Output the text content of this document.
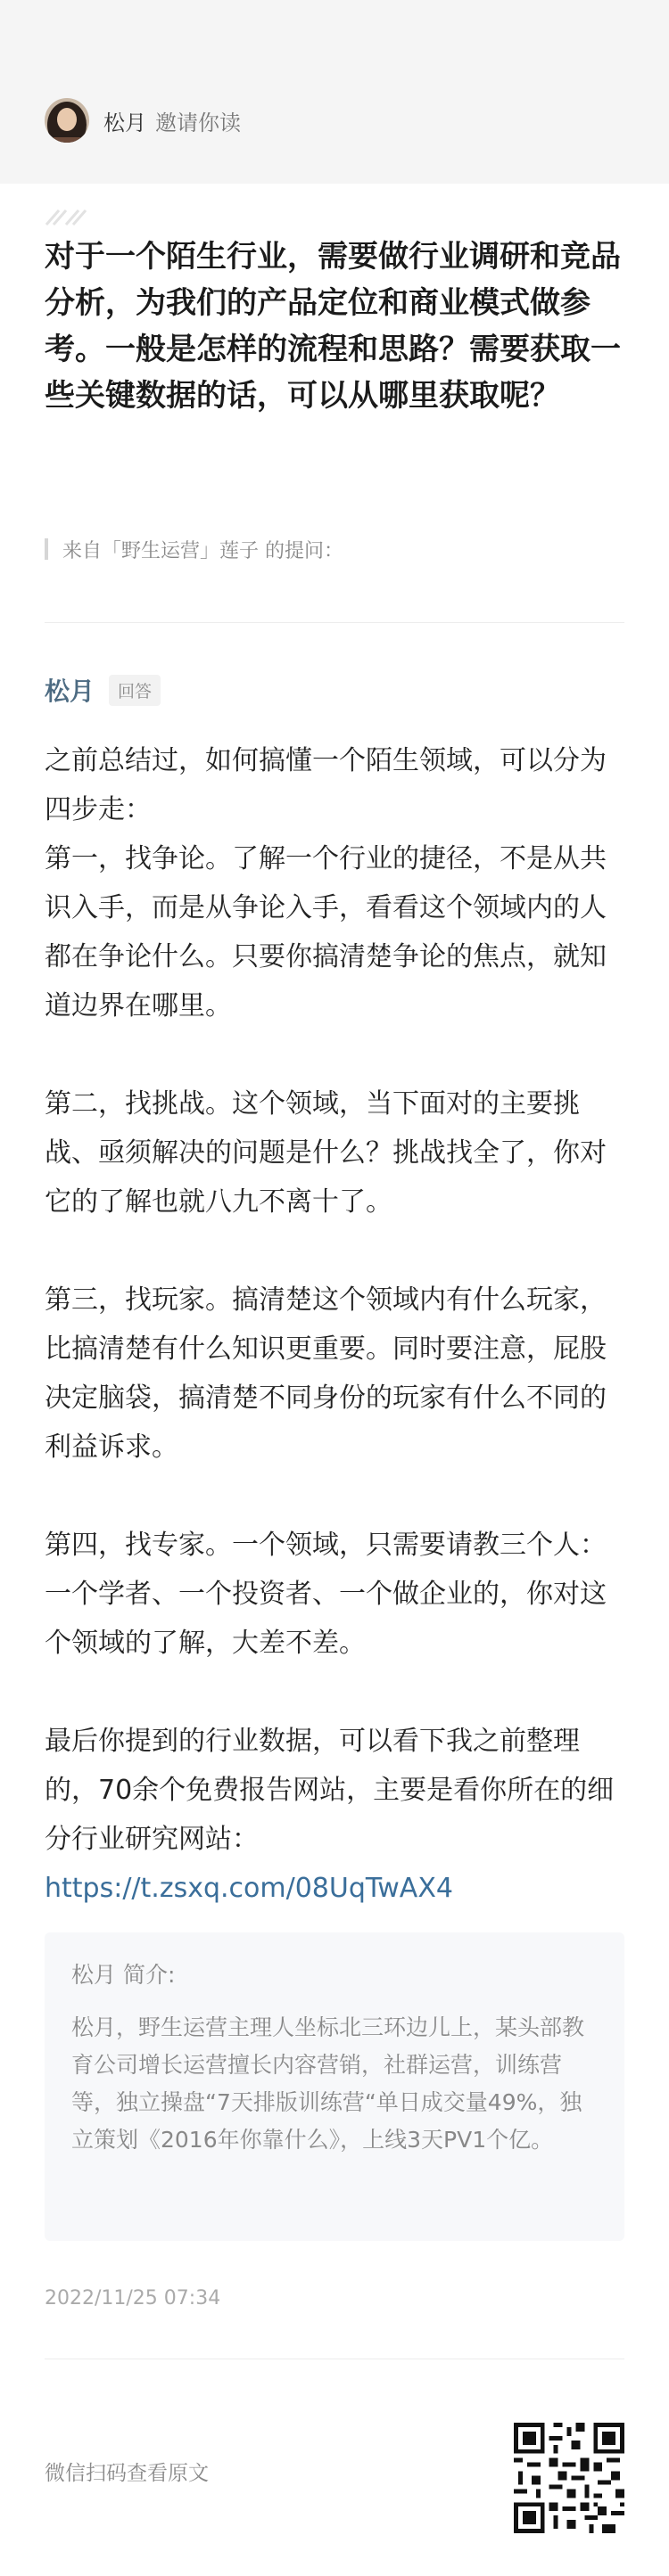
松月 邀请你读
对于一个陌生行业，需要做行业调研和竞品分析，为我们的产品定位和商业模式做参考。一般是怎样的流程和思路？需要获取一些关键数据的话，可以从哪里获取呢？
来自「野生运营」莲子 的提问：
松月	回答

之前总结过，如何搞懂一个陌生领域，可以分为四步走：
第一，找争论。了解一个行业的捷径，不是从共识入手，而是从争论入手，看看这个领域内的人都在争论什么。只要你搞清楚争论的焦点，就知道边界在哪里。

第二，找挑战。这个领域，当下面对的主要挑战、亟须解决的问题是什么？挑战找全了，你对它的了解也就八九不离十了。

第三，找玩家。搞清楚这个领域内有什么玩家，比搞清楚有什么知识更重要。同时要注意，屁股决定脑袋，搞清楚不同身份的玩家有什么不同的利益诉求。

第四，找专家。一个领域，只需要请教三个人：一个学者、一个投资者、一个做企业的，你对这个领域的了解，大差不差。

最后你提到的行业数据，可以看下我之前整理的，70余个免费报告网站，主要是看你所在的细分行业研究网站：

https://t.zsxq.com/08UqTwAX4

松月 简介:
松月，野生运营主理人坐标北三环边儿上，某头部教育公司增长运营擅长内容营销，社群运营，训练营等，独立操盘“7天排版训练营“单日成交量49%，独立策划《2016年你靠什么》，上线3天PV1个亿。
2022/11/25 07:34
微信扫码查看原文
